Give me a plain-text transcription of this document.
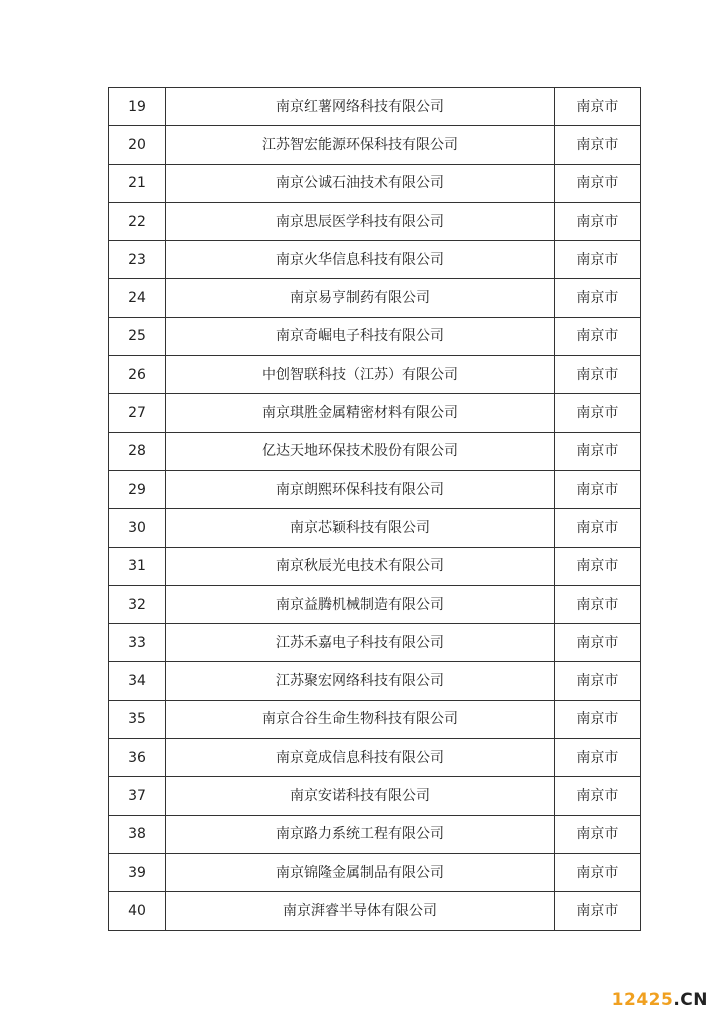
19	南京红薯网络科技有限公司	南京市
20	江苏智宏能源环保科技有限公司	南京市
21	南京公诚石油技术有限公司	南京市
22	南京思辰医学科技有限公司	南京市
23	南京火华信息科技有限公司	南京市
24	南京易亨制药有限公司	南京市
25	南京奇崛电子科技有限公司	南京市
26	中创智联科技（江苏）有限公司	南京市
27	南京琪胜金属精密材料有限公司	南京市
28	亿达天地环保技术股份有限公司	南京市
29	南京朗熙环保科技有限公司	南京市
30	南京芯颖科技有限公司	南京市
31	南京秋辰光电技术有限公司	南京市
32	南京益腾机械制造有限公司	南京市
33	江苏禾嘉电子科技有限公司	南京市
34	江苏聚宏网络科技有限公司	南京市
35	南京合谷生命生物科技有限公司	南京市
36	南京竟成信息科技有限公司	南京市
37	南京安诺科技有限公司	南京市
38	南京路力系统工程有限公司	南京市
39	南京锦隆金属制品有限公司	南京市
40	南京湃睿半导体有限公司	南京市
12425.CN
